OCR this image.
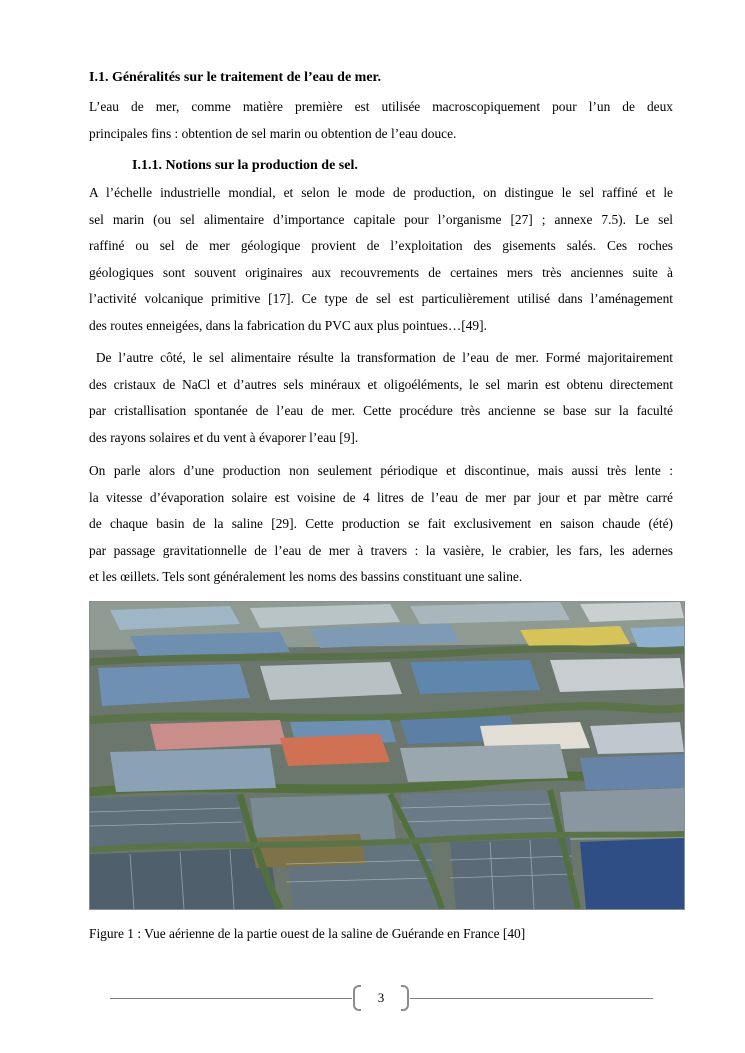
I.1. Généralités sur le traitement de l’eau de mer.
L’eau de mer, comme matière première est utilisée macroscopiquement pour l’un de deux
principales fins : obtention de sel marin ou obtention de l’eau douce.
I.1.1. Notions sur la production de sel.
A l’échelle industrielle mondial, et selon le mode de production, on distingue le sel raffiné et le
sel marin (ou sel alimentaire d’importance capitale pour l’organisme [27] ; annexe 7.5). Le sel
raffiné ou sel de mer géologique provient de l’exploitation des gisements salés. Ces roches
géologiques sont souvent originaires aux recouvrements de certaines mers très anciennes suite à
l’activité volcanique primitive [17]. Ce type de sel est particulièrement utilisé dans l’aménagement
des routes enneigées, dans la fabrication du PVC aux plus pointues…[49].
De l’autre côté, le sel alimentaire résulte la transformation de l’eau de mer. Formé majoritairement
des cristaux de NaCl et d’autres sels minéraux et oligoéléments, le sel marin est obtenu directement
par cristallisation spontanée de l’eau de mer. Cette procédure très ancienne se base sur la faculté
des rayons solaires et du vent à évaporer l’eau [9].
On parle alors d’une production non seulement périodique et discontinue, mais aussi très lente :
la vitesse d’évaporation solaire est voisine de 4 litres de l’eau de mer par jour et par mètre carré
de chaque basin de la saline [29]. Cette production se fait exclusivement en saison chaude (été)
par passage gravitationnelle de l’eau de mer à travers : la vasière, le crabier, les fars, les adernes
et les œillets. Tels sont généralement les noms des bassins constituant une saline.
Figure 1 : Vue aérienne de la partie ouest de la saline de Guérande en France [40]
3
